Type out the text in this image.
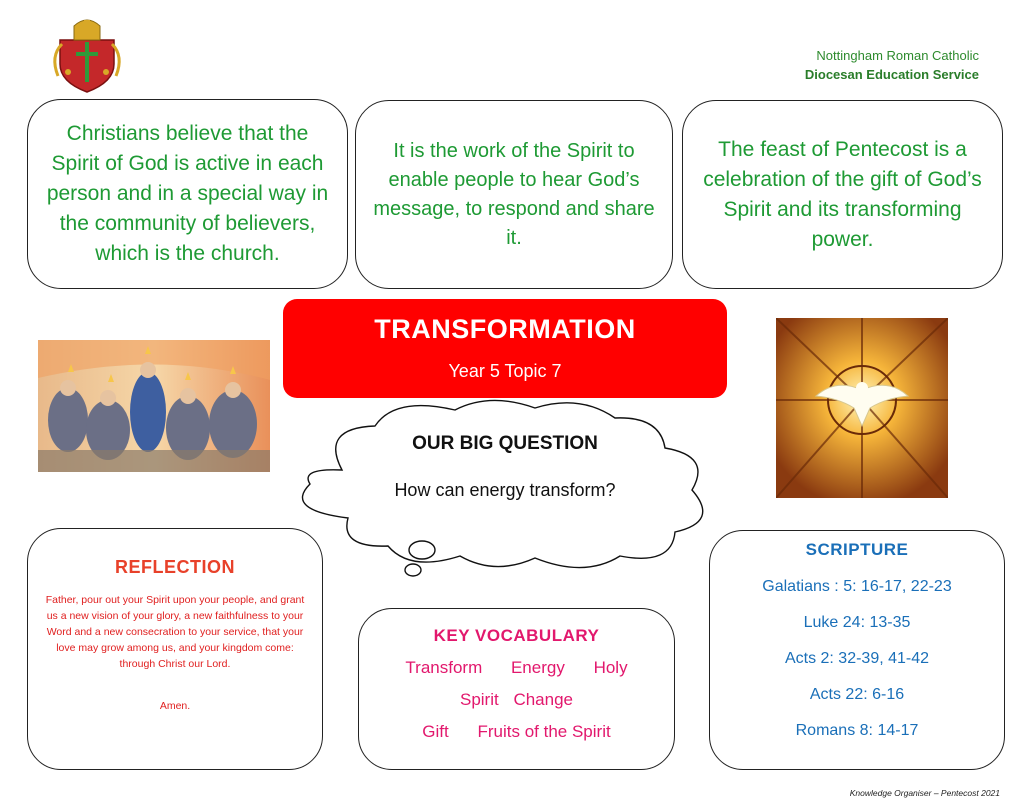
Nottingham Roman Catholic
Diocesan Education Service
Christians believe that the Spirit of God is active in each person and in a special way in the community of believers, which is the church.
It is the work of the Spirit to enable people to hear God’s message, to respond and share it.
The feast of Pentecost is a celebration of the gift of God’s Spirit and its transforming power.
TRANSFORMATION
Year 5 Topic 7
OUR BIG QUESTION
How can energy transform?
REFLECTION
Father, pour out your Spirit upon your people, and grant us a new vision of your glory, a new faithfulness to your Word and a new consecration to your service, that your love may grow among us, and your kingdom come: through Christ our Lord.
Amen.
KEY VOCABULARY
Transform Energy Holy
Spirit Change
Gift Fruits of the Spirit
SCRIPTURE
Galatians : 5: 16-17, 22-23
Luke 24: 13-35
Acts 2: 32-39, 41-42
Acts 22: 6-16
Romans 8: 14-17
Knowledge Organiser – Pentecost 2021
